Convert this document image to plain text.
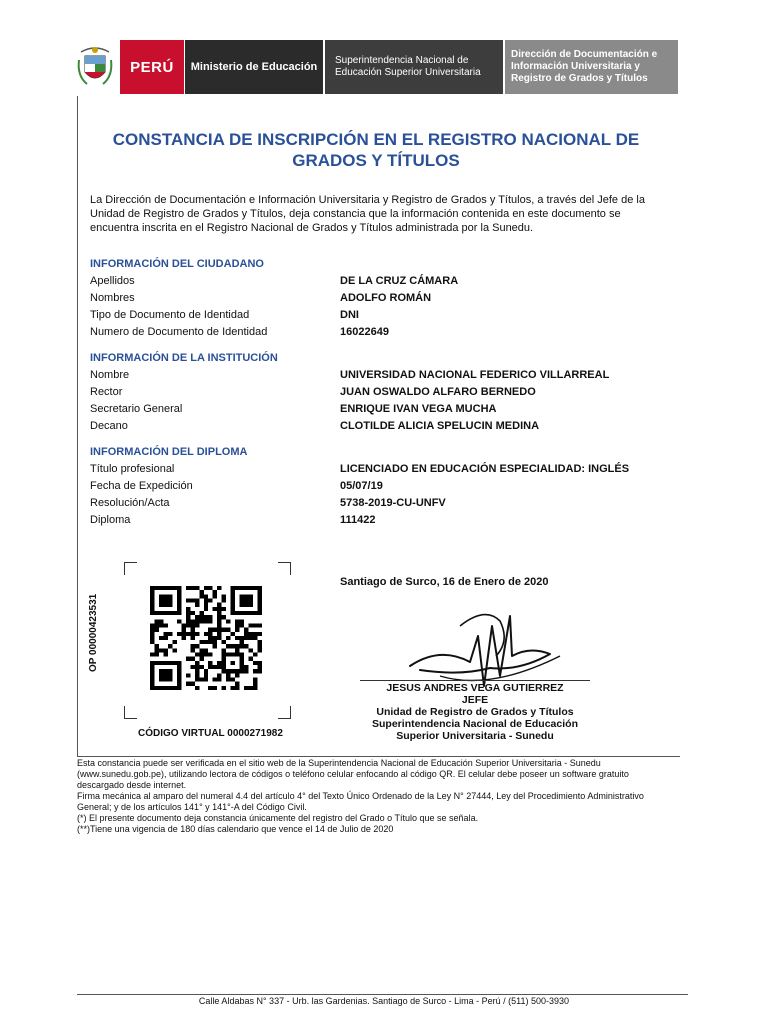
PERÚ	Ministerio de Educación
Superintendencia Nacional de Educación Superior Universitaria
Dirección de Documentación e Información Universitaria y Registro de Grados y Títulos
CONSTANCIA DE INSCRIPCIÓN EN EL REGISTRO NACIONAL DE GRADOS Y TÍTULOS
La Dirección de Documentación e Información Universitaria y Registro de Grados y Títulos, a través del Jefe de la Unidad de Registro de Grados y Títulos, deja constancia que la información contenida en este documento se encuentra inscrita en el Registro Nacional de Grados y Títulos administrada por la Sunedu.
INFORMACIÓN DEL CIUDADANO
Apellidos	DE LA CRUZ CÁMARA
Nombres	ADOLFO ROMÁN
Tipo de Documento de Identidad	DNI
Numero de Documento de Identidad	16022649
INFORMACIÓN DE LA INSTITUCIÓN
Nombre	UNIVERSIDAD NACIONAL FEDERICO VILLARREAL
Rector	JUAN OSWALDO ALFARO BERNEDO
Secretario General	ENRIQUE IVAN VEGA MUCHA
Decano	CLOTILDE ALICIA SPELUCIN MEDINA
INFORMACIÓN DEL DIPLOMA
Título profesional	LICENCIADO EN EDUCACIÓN ESPECIALIDAD: INGLÉS
Fecha de Expedición	05/07/19
Resolución/Acta	5738-2019-CU-UNFV
Diploma	111422
OP 00000423531
CÓDIGO VIRTUAL 0000271982
Santiago de Surco, 16 de Enero de 2020
JESUS ANDRES VEGA GUTIERREZ
JEFE
Unidad de Registro de Grados y Títulos
Superintendencia Nacional de Educación
Superior Universitaria - Sunedu

Esta constancia puede ser verificada en el sitio web de la Superintendencia Nacional de Educación Superior Universitaria - Sunedu (www.sunedu.gob.pe), utilizando lectora de códigos o teléfono celular enfocando al código QR. El celular debe poseer un software gratuito descargado desde internet.

Firma mecánica al amparo del numeral 4.4 del artículo 4° del Texto Único Ordenado de la Ley N° 27444, Ley del Procedimiento Administrativo General; y de los artículos 141° y 141°-A del Código Civil.

(*) El presente documento deja constancia únicamente del registro del Grado o Título que se señala.

(**)Tiene una vigencia de 180 días calendario que vence el 14 de Julio de 2020

Calle Aldabas N° 337 - Urb. las Gardenias. Santiago de Surco - Lima - Perú / (511) 500-3930
